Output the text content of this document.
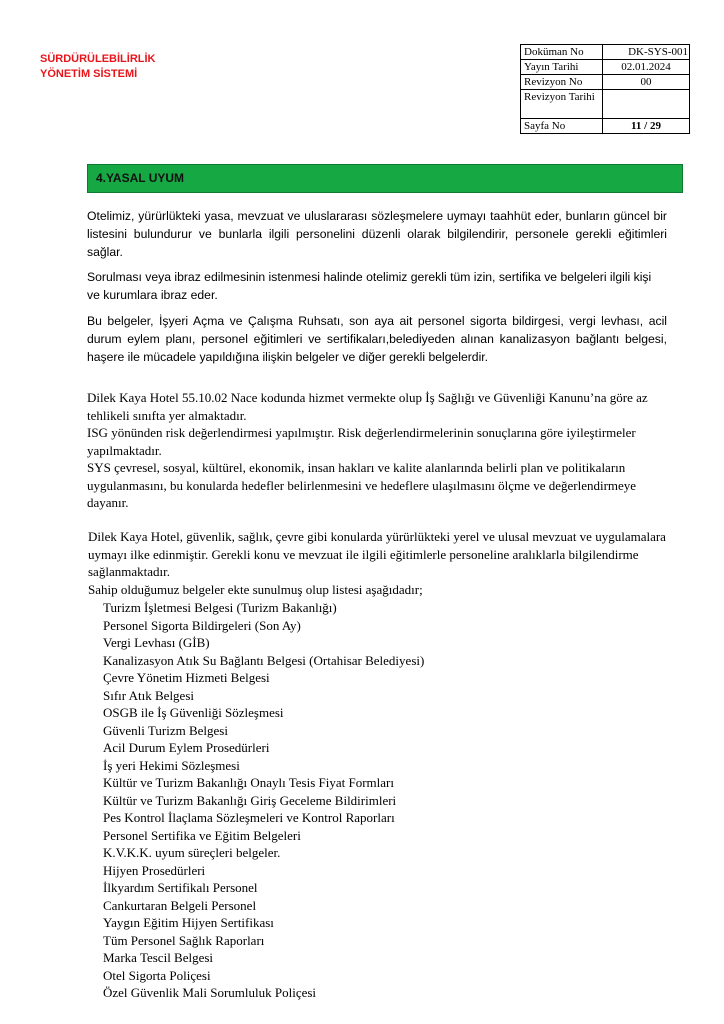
SÜRDÜRÜLEBİLİRLİK
YÖNETİM SİSTEMİ
Doküman No	DK-SYS-001
Yayın Tarihi	02.01.2024
Revizyon No	00
Revizyon Tarihi	
Sayfa No	11 / 29
4.YASAL UYUM
Otelimiz, yürürlükteki yasa, mevzuat ve uluslararası sözleşmelere uymayı taahhüt eder, bunların güncel bir listesini bulundurur ve bunlarla ilgili personelini düzenli olarak bilgilendirir, personele gerekli eğitimleri sağlar.
Sorulması veya ibraz edilmesinin istenmesi halinde otelimiz gerekli tüm izin, sertifika ve belgeleri ilgili kişi ve kurumlara ibraz eder.
Bu belgeler, İşyeri Açma ve Çalışma Ruhsatı, son aya ait personel sigorta bildirgesi, vergi levhası, acil durum eylem planı, personel eğitimleri ve sertifikaları,belediyeden alınan kanalizasyon bağlantı belgesi, haşere ile mücadele yapıldığına ilişkin belgeler ve diğer gerekli belgelerdir.
Dilek Kaya Hotel 55.10.02 Nace kodunda hizmet vermekte olup İş Sağlığı ve Güvenliği Kanunu’na göre az tehlikeli sınıfta yer almaktadır.
ISG yönünden risk değerlendirmesi yapılmıştır. Risk değerlendirmelerinin sonuçlarına göre iyileştirmeler yapılmaktadır.
SYS çevresel, sosyal, kültürel, ekonomik, insan hakları ve kalite alanlarında belirli plan ve politikaların uygulanmasını, bu konularda hedefler belirlenmesini ve hedeflere ulaşılmasını ölçme ve değerlendirmeye dayanır.
Dilek Kaya Hotel, güvenlik, sağlık, çevre gibi konularda yürürlükteki yerel ve ulusal mevzuat ve uygulamalara uymayı ilke edinmiştir. Gerekli konu ve mevzuat ile ilgili eğitimlerle personeline aralıklarla bilgilendirme sağlanmaktadır.
Sahip olduğumuz belgeler ekte sunulmuş olup listesi aşağıdadır;
Turizm İşletmesi Belgesi (Turizm Bakanlığı)
Personel Sigorta Bildirgeleri (Son Ay)
Vergi Levhası (GİB)
Kanalizasyon Atık Su Bağlantı Belgesi (Ortahisar Belediyesi)
Çevre Yönetim Hizmeti Belgesi
Sıfır Atık Belgesi
OSGB ile İş Güvenliği Sözleşmesi
Güvenli Turizm Belgesi
Acil Durum Eylem Prosedürleri
İş yeri Hekimi Sözleşmesi
Kültür ve Turizm Bakanlığı Onaylı Tesis Fiyat Formları
Kültür ve Turizm Bakanlığı Giriş Geceleme Bildirimleri
Pes Kontrol İlaçlama Sözleşmeleri ve Kontrol Raporları
Personel Sertifika ve Eğitim Belgeleri
K.V.K.K. uyum süreçleri belgeler.
Hijyen Prosedürleri
İlkyardım Sertifikalı Personel
Cankurtaran Belgeli Personel
Yaygın Eğitim Hijyen Sertifikası
Tüm Personel Sağlık Raporları
Marka Tescil Belgesi
Otel Sigorta Poliçesi
Özel Güvenlik Mali Sorumluluk Poliçesi
